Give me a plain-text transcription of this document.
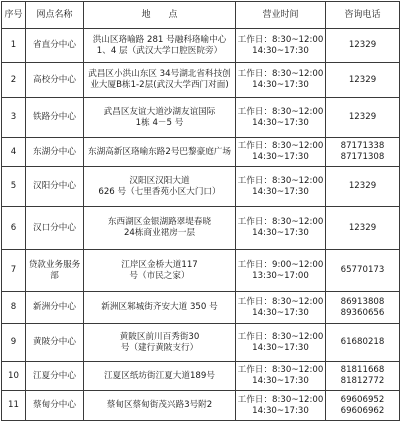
序号	网点名称	地　　点	营业时间	咨询电话
1	省直分中心	洪山区珞喻路 281 号融科珞喻中心
1、4 层（武汉大学口腔医院旁）	工作日：8:30~12:00
14:30~17:30	12329

2	高校分中心	武昌区小洪山东区 34号湖北省科技创
业大厦B栋1-2层(武汉大学西门对面)	工作日：8:30~12:00
14:30~17:30	12329

3	铁路分中心	武昌区友谊大道沙湖友谊国际
1栋 4－5 号	工作日：8:30~12:00
14:30~17:30	12329

4	东湖分中心	东湖高新区珞喻东路2号巴黎豪庭广场	工作日：8:30~12:00
14:30~17:30	87171338
87171308

5	汉阳分中心	汉阳区汉阳大道
626 号（七里香苑小区大门口）	工作日：8:30~12:00
14:30~17:30	12329

6	汉口分中心	东西湖区金银湖路翠堤春晓
24栋商业裙房一层	工作日：8:30~12:00
14:30~17:30	12329

7	贷款业务服务部	江岸区金桥大道117
号（市民之家）	工作日：9:00~12:00
13:30~17:00	65770173

8	新洲分中心	新洲区邾城街齐安大道 350 号	工作日：8:30~12:00
14:30~17:30	86913808
89360656

9	黄陂分中心	黄陂区前川百秀街30
号（建行黄陂支行）	工作日：8:30~12:00
14:30~17:30	61680218

10	江夏分中心	江夏区纸坊街江夏大道189号	工作日：8:30~12:00
14:30~17:30	81811668
81812772

11	蔡甸分中心	蔡甸区蔡甸街茂兴路3号附2	工作日：8:30~12:00
14:30~17:30	69606952
69606962
